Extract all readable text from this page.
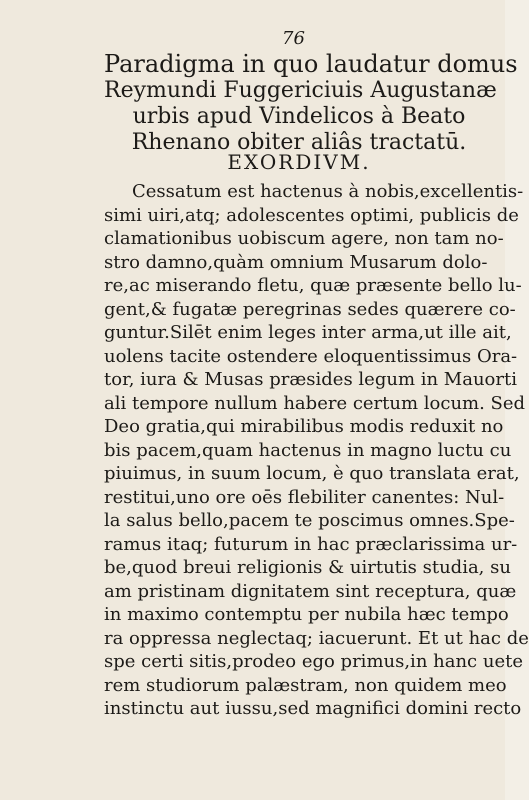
76
Paradigma in quo laudatur domus
Reymundi Fuggericiuis Augustanæ
urbis apud Vindelicos à Beato
Rhenano obiter aliâs tractatū.
EXORDIVM.
Cessatum est hactenus à nobis,excellentis-
simi uiri,atq; adolescentes optimi, publicis de
clamationibus uobiscum agere, non tam no-
stro damno,quàm omnium Musarum dolo-
re,ac miserando fletu, quæ præsente bello lu-
gent,& fugatæ peregrinas sedes quærere co-
guntur.Silēt enim leges inter arma,ut ille ait,
uolens tacite ostendere eloquentissimus Ora-
tor, iura & Musas præsides legum in Mauorti
ali tempore nullum habere certum locum. Sed
Deo gratia,qui mirabilibus modis reduxit no
bis pacem,quam hactenus in magno luctu cu
piuimus, in suum locum, è quo translata erat,
restitui,uno ore oēs flebiliter canentes: Nul-
la salus bello,pacem te poscimus omnes.Spe-
ramus itaq; futurum in hac præclarissima ur-
be,quod breui religionis & uirtutis studia, su
am pristinam dignitatem sint receptura, quæ
in maximo contemptu per nubila hæc tempo
ra oppressa neglectaq; iacuerunt. Et ut hac de
spe certi sitis,prodeo ego primus,in hanc uete
rem studiorum palæstram, non quidem meo
instinctu aut iussu,sed magnifici domini recto
